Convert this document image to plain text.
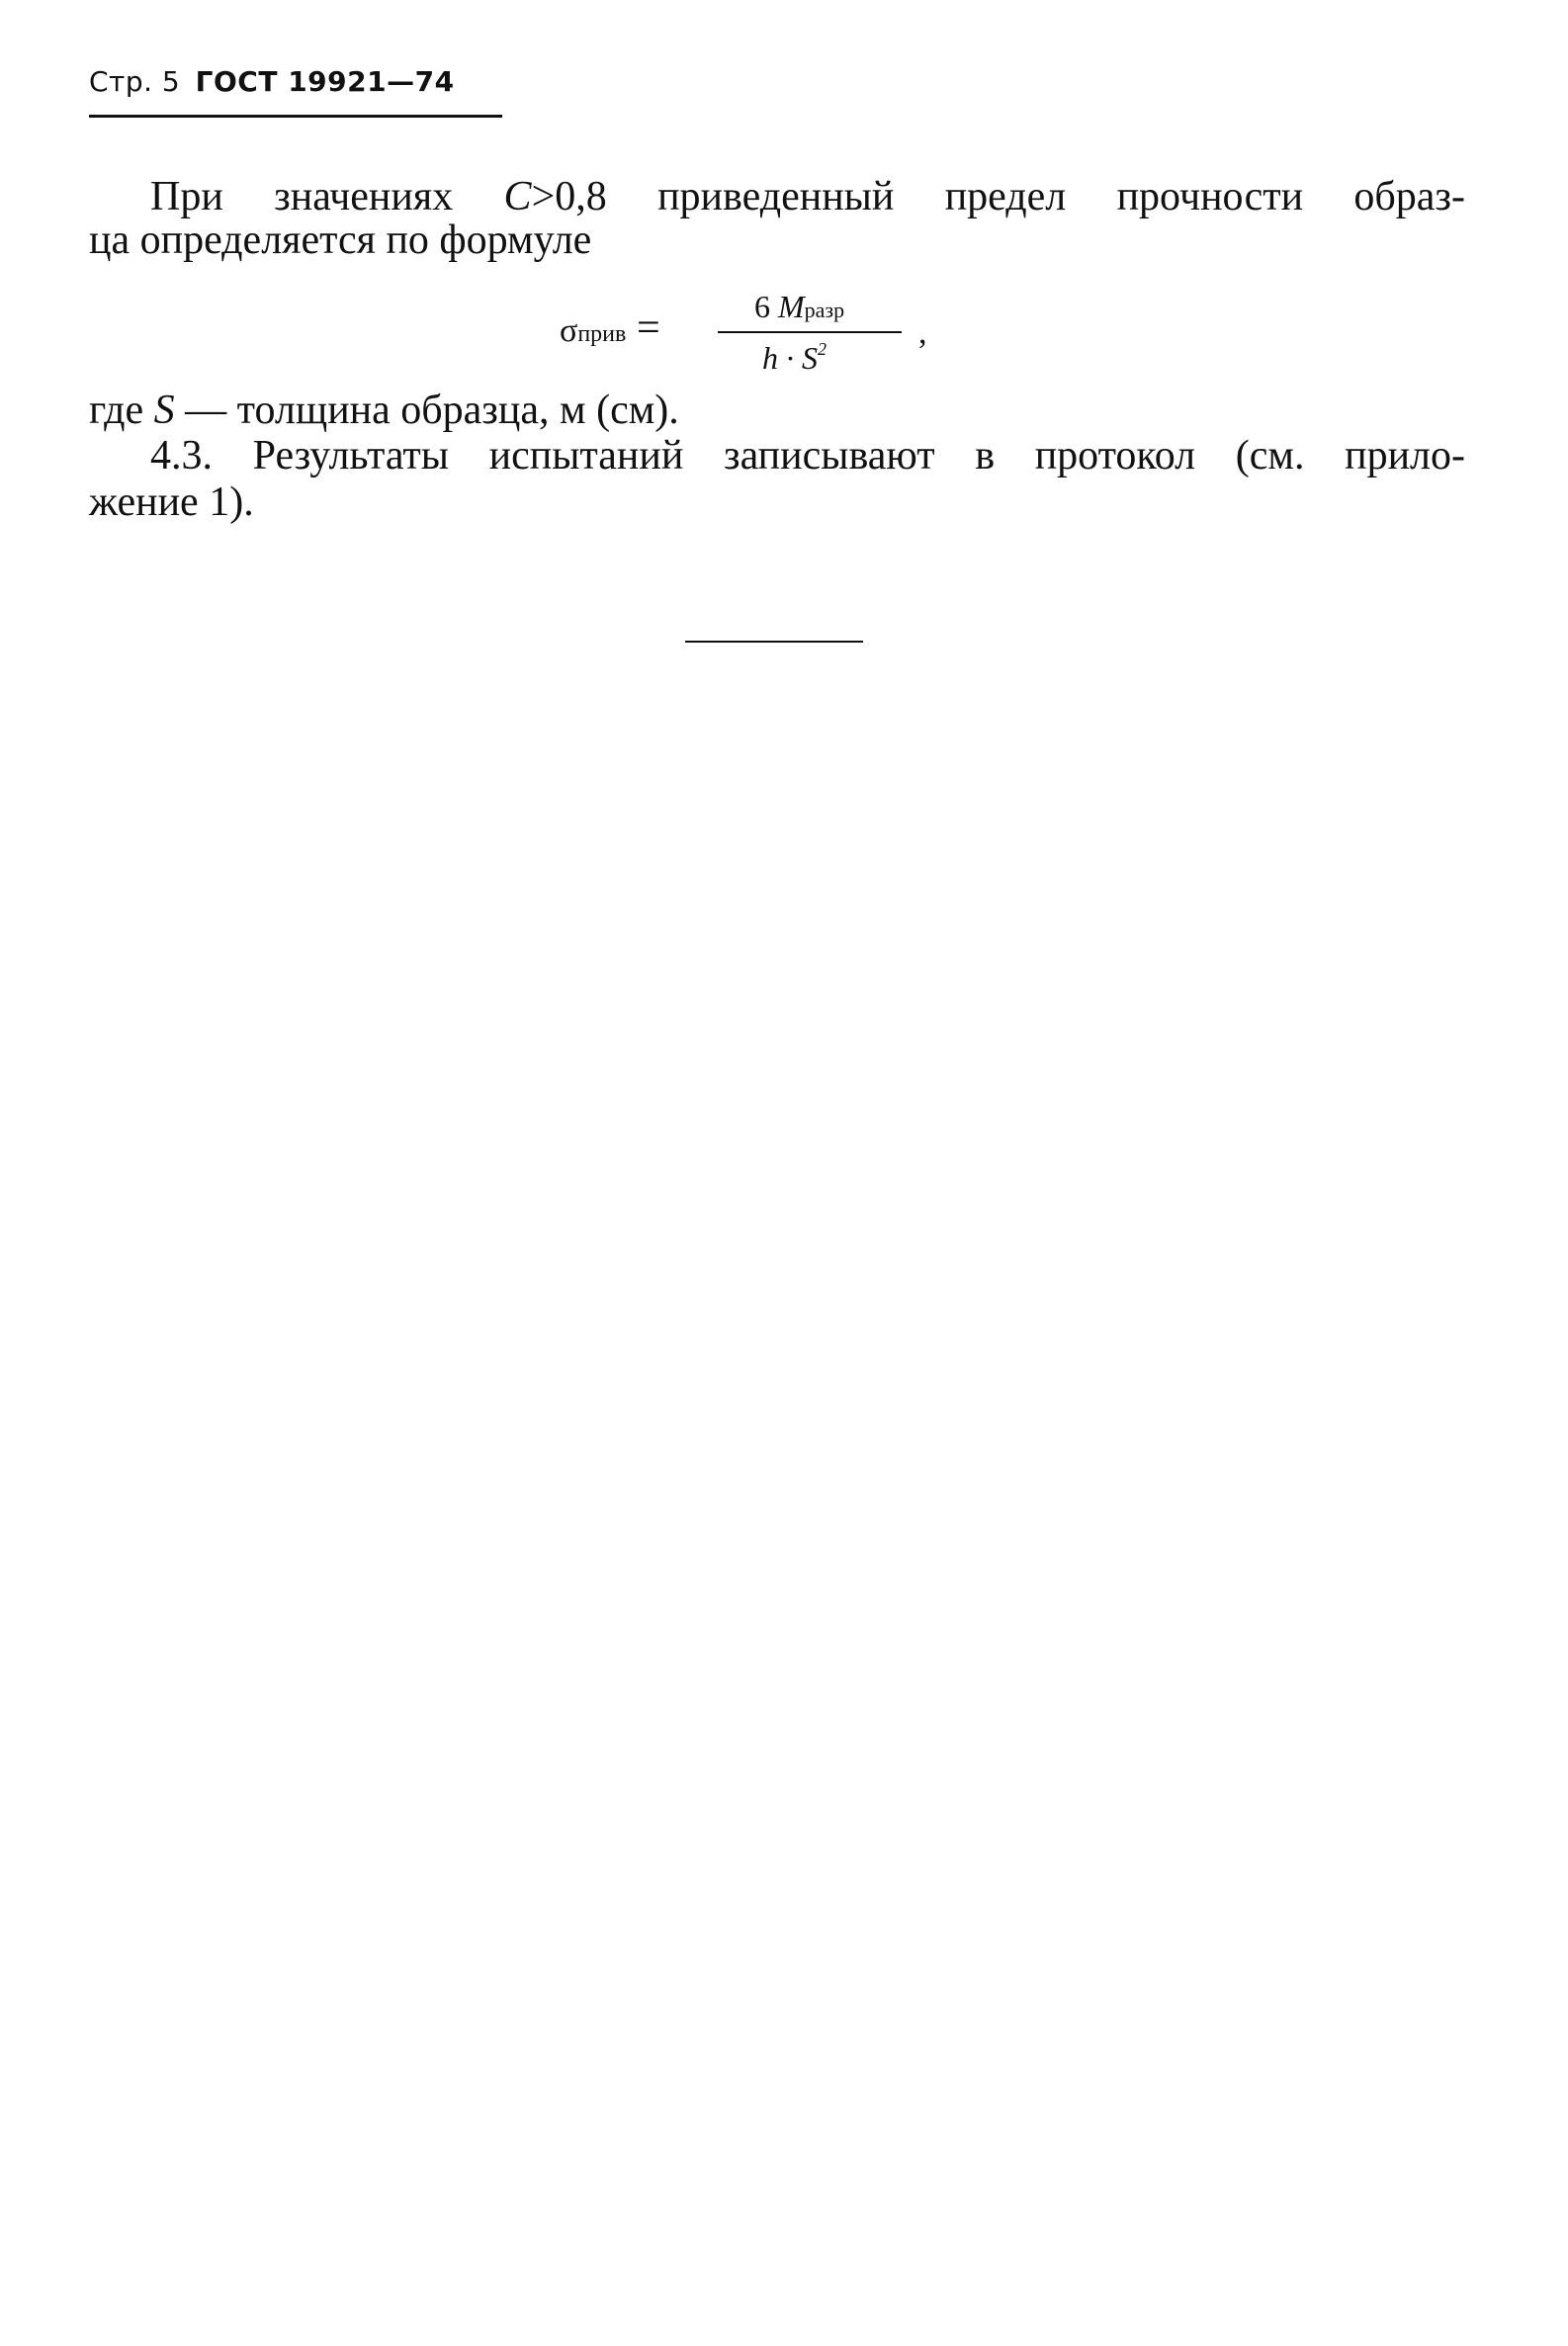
Стр. 5 ГОСТ 19921—74
При значениях C>0,8 приведенный предел прочности образ-
ца определяется по формуле
σприв =	6 Mразр
$h \cdot S^2$	,
где S — толщина образца, м (см).
4.3. Результаты испытаний записывают в протокол (см. прило-
жение 1).
